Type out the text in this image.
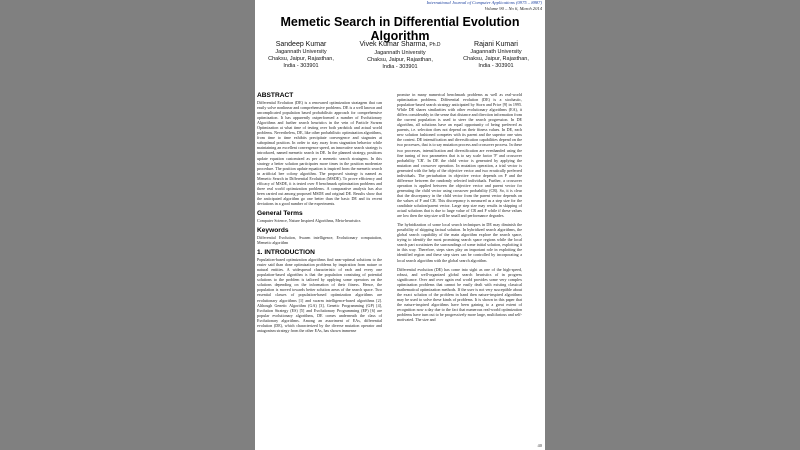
International Journal of Computer Applications (0975 – 8887)
Volume 90 – No 6, March 2014
Memetic Search in Differential Evolution Algorithm
Sandeep Kumar
Jagannath University
Chaksu, Jaipur, Rajasthan,
India - 303901
Vivek Kumar Sharma, Ph.D
Jagannath University
Chaksu, Jaipur, Rajasthan,
India - 303901
Rajani Kumari
Jagannath University
Chaksu, Jaipur, Rajasthan,
India - 303901
ABSTRACT

Differential Evolution (DE) is a renowned optimization stratagem that can easily solve nonlinear and comprehensive problems. DE is a well known and uncomplicated population based probabilistic approach for comprehensive optimization. It has apparently outperformed a number of Evolutionary Algorithms and further search heuristics in the vein of Particle Swarm Optimization at what time of testing over both yardstick and actual world problems. Nevertheless, DE, like other probabilistic optimization algorithms, from time to time exhibits precipitate convergence and stagnates at suboptimal position. In order to stay away from stagnation behavior while maintaining an excellent convergence speed, an innovative search strategy is introduced, named memetic search in DE. In the planned strategy, positions update equation customized as per a memetic search stratagem. In this strategy a better solution participates more times in the position modernize procedure. The position update equation is inspired from the memetic search in artificial bee colony algorithm. The proposed strategy is named as Memetic Search in Differential Evolution (MSDE). To prove efficiency and efficacy of MSDE, it is tested over 8 benchmark optimization problems and three real world optimization problems. A comparative analysis has also been carried out among proposed MSDE and original DE. Results show that the anticipated algorithm go one better than the basic DE and its recent deviations in a good number of the experiments.

General Terms

Computer Science, Nature Inspired Algorithms, Meta-heuristics

Keywords

Differential Evolution, Swarm intelligence, Evolutionary computation, Memetic algorithm

1. INTRODUCTION

Population-based optimization algorithms find near-optimal solutions to the easier said than done optimization problems by inspiration from nature or natural entities. A widespread characteristic of each and every one population-based algorithm is that the population consisting of potential solutions to the problem is tailored by applying some operators on the solutions depending on the information of their fitness. Hence, the population is moved towards better solution areas of the search space. Two essential classes of population-based optimization algorithms are evolutionary algorithms [1] and swarm intelligence-based algorithms [2]. Although Genetic Algorithm (GA) [3], Genetic Programming (GP) [4], Evolution Strategy (ES) [5] and Evolutionary Programming (EP) [6] are popular evolutionary algorithms, DE comes underneath the class of Evolutionary algorithms. Among an assortment of EAs, differential evolution (DE), which characterized by the diverse mutation operator and antagonism strategy from the other EAs, has shown immense

promise in many numerical benchmark problems as well as real-world optimization problems. Differential evolution (DE) is a stochastic, population-based search strategy anticipated by Storn and Price [9] in 1995. While DE shares similarities with other evolutionary algorithms (EA), it differs considerably in the sense that distance and direction information from the current population is used to steer the search progression. In DE algorithm, all solutions have an equal opportunity of being preferred as parents, i.e. selection does not depend on their fitness values. In DE, each new solution fashioned competes with its parent and the superior one wins the contest. DE intensification and diversification capabilities depend on the two processes, that is to say mutation process and crossover process. In these two processes, intensification and diversification are evenhanded using the fine tuning of two parameters that is to say scale factor 'F' and crossover probability 'CR'. In DE the child vector is generated by applying the mutation and crossover operation. In mutation operation, a trial vector is generated with the help of the objective vector and two erratically preferred individuals. The perturbation in objective vector depends on F and the difference between the randomly selected individuals. Further, a crossover operation is applied between the objective vector and parent vector for generating the child vector using crossover probability (CR). So, it is clear that the discrepancy in the child vector from the parent vector depends on the values of F and CR. This discrepancy is measured as a step size for the candidate solution/parent vector. Large step size may results in skipping of actual solutions that is due to large value of CR and F while if these values are low then the step size will be small and performance degrades.

The hybridization of some local search techniques in DE may diminish the possibility of skipping factual solution. In hybridized search algorithms, the global search capability of the main algorithm explore the search space, trying to identify the most promising search space regions while the local search part scrutinizes the surroundings of some initial solution, exploiting it in this way. Therefore, steps sizes play an important role in exploiting the identified region and these step sizes can be controlled by incorporating a local search algorithm with the global search algorithm.

Differential evolution (DE) has come into sight as one of the high-speed, robust, and well-organized global search heuristics of in progress significance. Over and over again real world provides some very complex optimization problems that cannot be easily dealt with existing classical mathematical optimization methods. If the user is not very susceptible about the exact solution of the problem in hand then nature-inspired algorithms may be used to solve these kinds of problems. It is shown in this paper that the nature-inspired algorithms have been gaining to a great extent of recognition now a day due to the fact that numerous real-world optimization problems have turn out to be progressively more large, multifarious and self-motivated. The size and

40
